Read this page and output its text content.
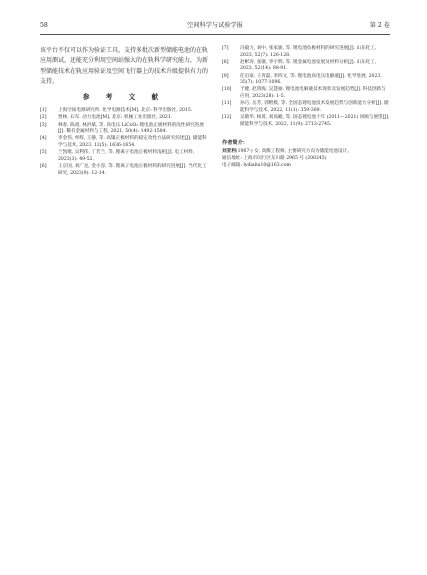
58	空间科学与试验学报	第 2 卷

该平台不仅可以作为验证工具，支持多批次新型储能电池的在轨应用测试，还能充分利用空间站强大的在轨科学研究能力，为新型储能技术在轨应用验证及空间飞行器上的技术升级提供有力的支持。

参 考 文 献
[1] 上海空间电源研究所. 化学电源技术[M]. 北京: 科学出版社, 2015.
[2] 贾林, 石军. 动力电池[M]. 北京: 机械工业出版社, 2021.
[3] 林春, 陈靖, 林洪斌, 等. 高电压 LiCoO₂ 锂电池正极材料的改性研究进展[J]. 稀有金属材料与工程, 2021, 50(4): 1492-1504.
[4] 李金伟, 牟辉, 王静, 等. 高镍正极材料的稳定改性方法研究综述[J]. 储能科学与技术, 2023, 12(5): 1636-1654.
[5] 兰凯歌, 吴利伟, 丁若兰, 等. 锂离子电池正极材料浅析[J]. 电工材料, 2023(3): 49-52.
[6] 王京国, 刘广龙, 金小容, 等. 锂离子电池正极材料的研究进展[J]. 当代化工研究, 2023(9): 12-14.
[7] 冯毅力, 刘中, 张家骏, 等. 锂电池负极材料的研究进展[J]. 山东化工, 2023, 52(7): 126-128.
[8] 赵彬涛, 张敏, 李宇辉, 等. 锂金属电池发展及材料分析[J]. 山东化工, 2023, 52(14): 88-91.
[9] 任启豪, 王青磊, 李四文, 等. 锂电池高电压电解液[J]. 化学进展, 2023, 35(7): 1077-1096.
[10] 于婕, 赵鸿海, 吴慧丽. 锂电池电解液技术现状及发展趋势[J]. 科技创新与应用, 2023(28): 1-5.
[11] 孙巧, 岳芳, 郭楷模, 等. 全固态锂电池技术发展趋势与创新能力分析[J]. 储能科学与技术, 2022, 11(1): 359-369.
[12] 吴敬华, 杨菁, 刘高瞻, 等. 固态锂电池十年 (2011—2021) 回顾与展望[J]. 储能科学与技术, 2022, 11(9): 2713-2745.
作者简介：
刘亚利(1987-) 女, 高级工程师, 主要研究方向为储能电池设计。
通信地址: 上海市闵行区东川路 2965 号 (200245)
电子邮箱: lydialiu10@163.com
